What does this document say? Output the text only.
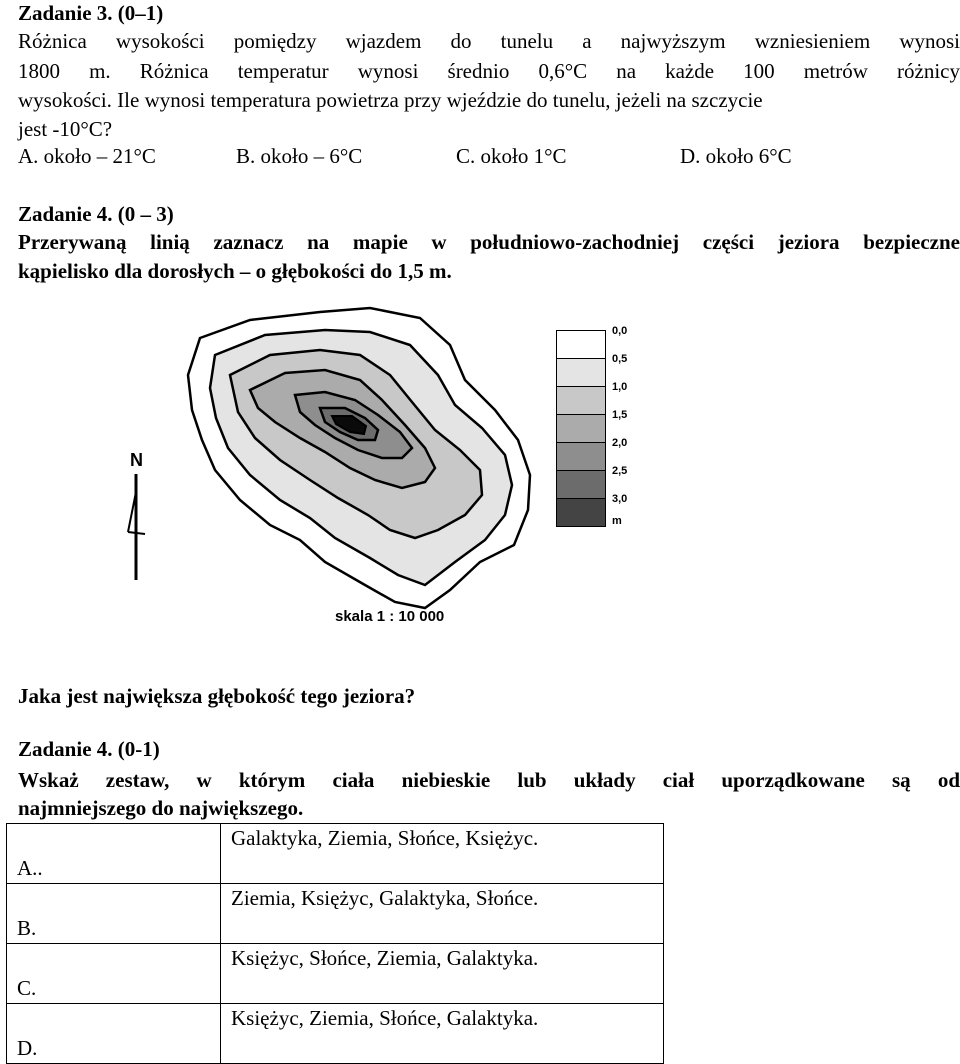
Zadanie 3. (0–1)
Różnica wysokości pomiędzy wjazdem do tunelu a najwyższym wzniesieniem wynosi
1800 m. Różnica temperatur wynosi średnio 0,6°C na każde 100 metrów różnicy
wysokości. Ile wynosi temperatura powietrza przy wjeździe do tunelu, jeżeli na szczycie
jest -10°C?
A. około – 21°C	B. około – 6°C	C. około 1°C	D. około 6°C
Zadanie 4. (0 – 3)
Przerywaną linią zaznacz na mapie w południowo-zachodniej części jeziora bezpieczne
kąpielisko dla dorosłych – o głębokości do 1,5 m.
N
0,0
0,5
1,0
1,5
2,0
2,5
3,0
m
skala 1 : 10 000
Jaka jest największa głębokość tego jeziora?
Zadanie 4. (0-1)
Wskaż zestaw, w którym ciała niebieskie lub układy ciał uporządkowane są od
najmniejszego do największego.
A..	Galaktyka, Ziemia, Słońce, Księżyc.

B.	Ziemia, Księżyc, Galaktyka, Słońce.

C.	Księżyc, Słońce, Ziemia, Galaktyka.

D.	Księżyc, Ziemia, Słońce, Galaktyka.
